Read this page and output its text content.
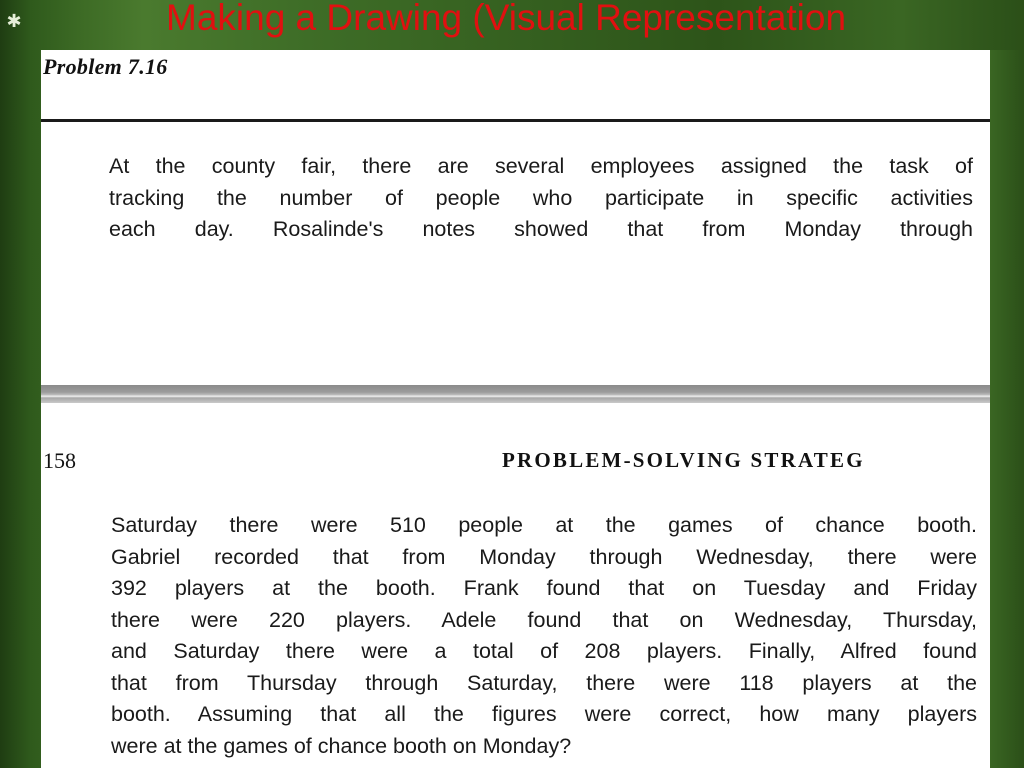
✱	Making a Drawing (Visual Representation
Problem 7.16
At the county fair, there are several employees assigned the task of
tracking the number of people who participate in specific activities
each day. Rosalinde's notes showed that from Monday through
158	PROBLEM-SOLVING STRATEG
Saturday there were 510 people at the games of chance booth.
Gabriel recorded that from Monday through Wednesday, there were
392 players at the booth. Frank found that on Tuesday and Friday
there were 220 players. Adele found that on Wednesday, Thursday,
and Saturday there were a total of 208 players. Finally, Alfred found
that from Thursday through Saturday, there were 118 players at the
booth. Assuming that all the figures were correct, how many players
were at the games of chance booth on Monday?
